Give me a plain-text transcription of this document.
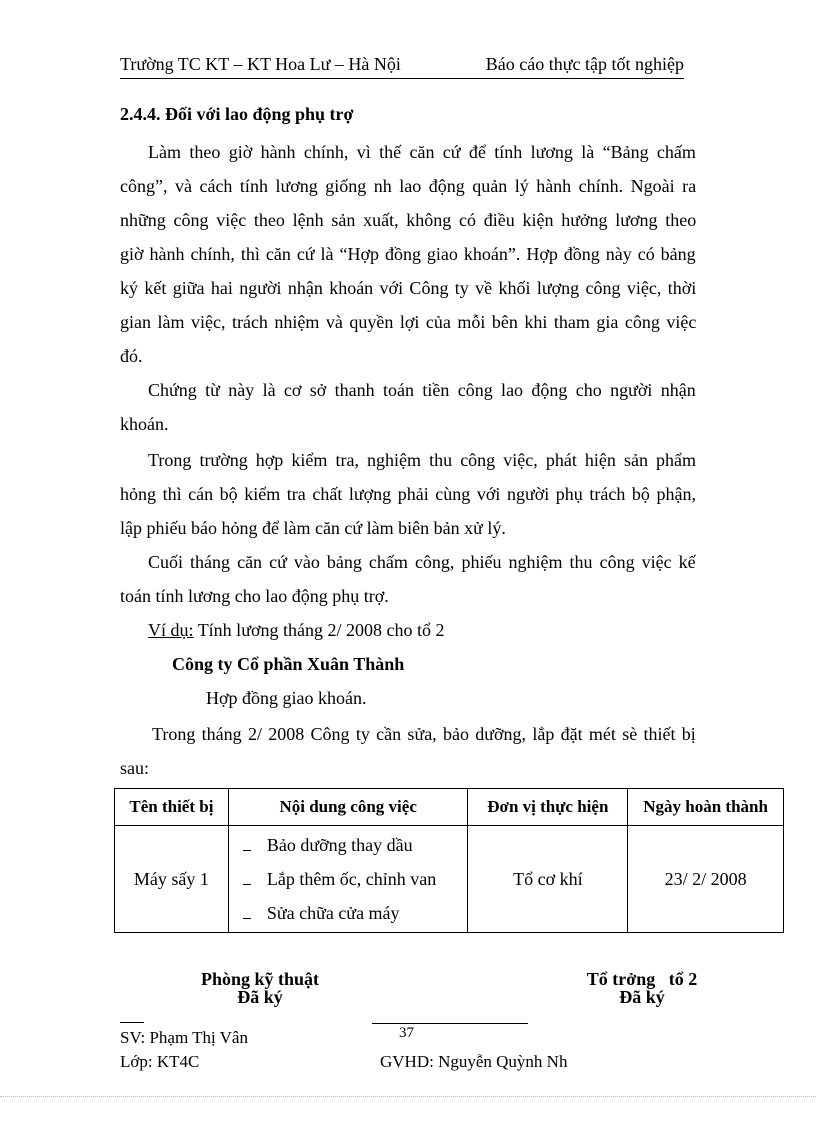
Trường TC KT – KT Hoa Lư – Hà Nội	Báo cáo thực tập tốt nghiệp
2.4.4. Đối với lao động phụ trợ
Làm theo giờ hành chính, vì thế căn cứ để tính lương là “Bảng chấm
công”, và cách tính lương giống nh lao động quản lý hành chính. Ngoài ra
những công việc theo lệnh sản xuất, không có điều kiện hưởng lương theo
giờ hành chính, thì căn cứ là “Hợp đồng giao khoán”. Hợp đồng này có bảng
ký kết giữa hai người nhận khoán với Công ty về khối lượng công việc, thời
gian làm việc, trách nhiệm và quyền lợi của mỗi bên khi tham gia công việc
đó.
Chứng từ này là cơ sở thanh toán tiền công lao động cho người nhận
khoán.
Trong trường hợp kiểm tra, nghiệm thu công việc, phát hiện sản phẩm
hỏng thì cán bộ kiểm tra chất lượng phải cùng với người phụ trách bộ phận,
lập phiếu báo hỏng để làm căn cứ làm biên bản xử lý.
Cuối tháng căn cứ vào bảng chấm công, phiếu nghiệm thu công việc kế
toán tính lương cho lao động phụ trợ.
Ví dụ: Tính lương tháng 2/ 2008 cho tổ 2
Công ty Cổ phần Xuân Thành
Hợp đồng giao khoán.
Trong tháng 2/ 2008 Công ty cần sửa, bảo dưỡng, lắp đặt mét sè thiết bị
sau:
Tên thiết bị	Nội dung công việc	Đơn vị thực hiện	Ngày hoàn thành
Máy sấy 1	Bảo dưỡng thay dầu
Lắp thêm ốc, chỉnh van
Sửa chữa cửa máy	Tổ cơ khí	23/ 2/ 2008
Phòng kỹ thuật
Đã ký
Tổ trởng   tổ 2
Đã ký
SV: Phạm Thị Vân	37
Lớp: KT4C	GVHD: Nguyễn Quỳnh Nh
